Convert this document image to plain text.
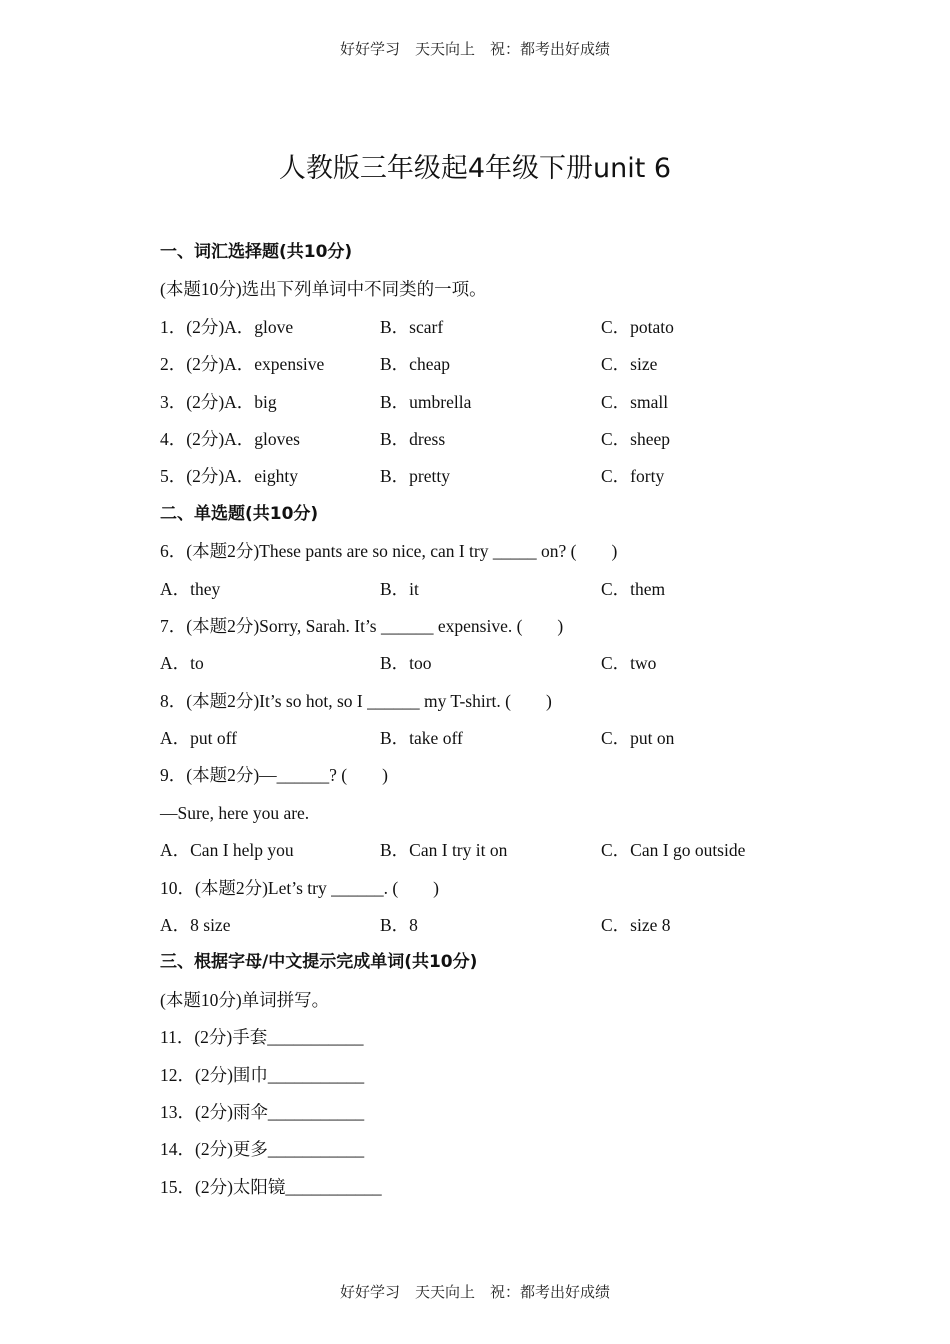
好好学习　天天向上　祝：都考出好成绩
人教版三年级起4年级下册unit 6
一、词汇选择题(共10分)
(本题10分)选出下列单词中不同类的一项。
1．(2分)A．glove	B．scarf	C．potato
2．(2分)A．expensive	B．cheap	C．size
3．(2分)A．big	B．umbrella	C．small
4．(2分)A．gloves	B．dress	C．sheep
5．(2分)A．eighty	B．pretty	C．forty
二、单选题(共10分)
6．(本题2分)These pants are so nice, can I try _____ on? (　　)
A．they	B．it	C．them
7．(本题2分)Sorry, Sarah. It’s ______ expensive. (　　)
A．to	B．too	C．two
8．(本题2分)It’s so hot, so I ______ my T-shirt. (　　)
A．put off	B．take off	C．put on
9．(本题2分)—______? (　　)
—Sure, here you are.
A．Can I help you	B．Can I try it on	C．Can I go outside
10．(本题2分)Let’s try ______. (　　)
A．8 size	B．8	C．size 8
三、根据字母/中文提示完成单词(共10分)
(本题10分)单词拼写。
11．(2分)手套___________
12．(2分)围巾___________
13．(2分)雨伞___________
14．(2分)更多___________
15．(2分)太阳镜___________
好好学习　天天向上　祝：都考出好成绩
